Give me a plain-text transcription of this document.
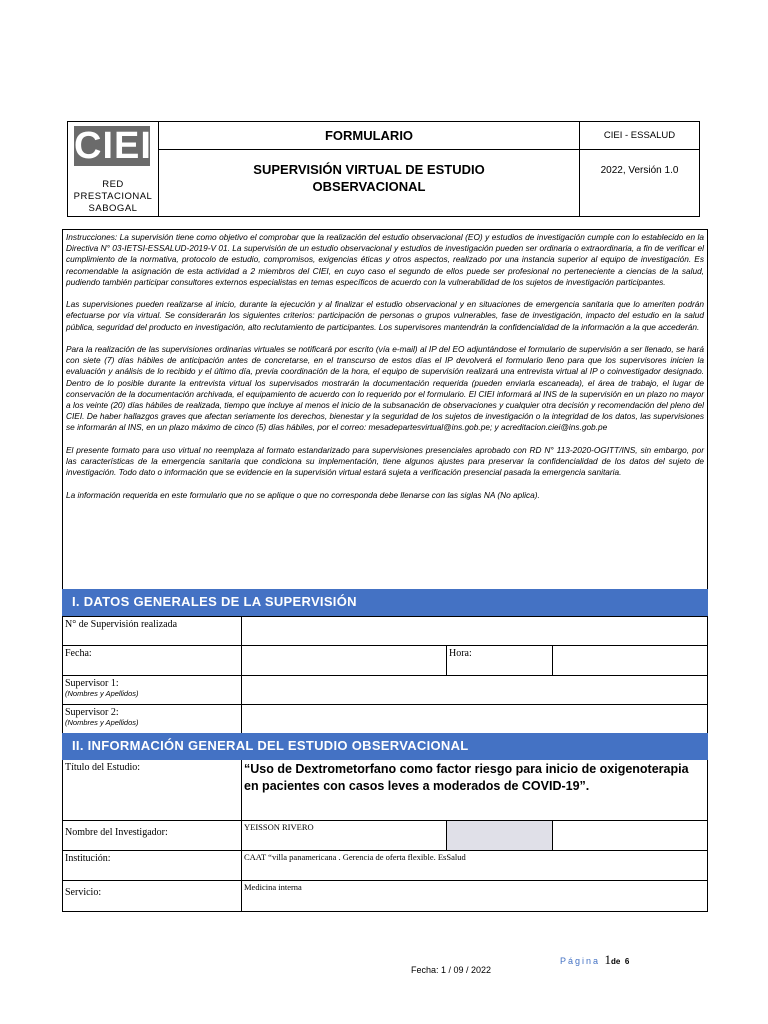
CIEI
RED
PRESTACIONAL
SABOGAL
FORMULARIO
SUPERVISIÓN VIRTUAL DE ESTUDIO
OBSERVACIONAL
CIEI - ESSALUD
2022, Versión 1.0

Instrucciones: La supervisión tiene como objetivo el comprobar que la realización del estudio observacional (EO) y estudios de investigación cumple con lo establecido en la Directiva N° 03-IETSI-ESSALUD-2019-V 01. La supervisión de un estudio observacional y estudios de investigación pueden ser ordinaria o extraordinaria, a fin de verificar el cumplimiento de la normativa, protocolo de estudio, compromisos, exigencias éticas y otros aspectos, realizado por una instancia superior al equipo de investigación. Es recomendable la asignación de esta actividad a 2 miembros del CIEI, en cuyo caso el segundo de ellos puede ser profesional no perteneciente a ciencias de la salud, pudiendo también participar consultores externos especialistas en temas específicos de acuerdo con la vulnerabilidad de los sujetos de investigación participantes.

Las supervisiones pueden realizarse al inicio, durante la ejecución y al finalizar el estudio observacional y en situaciones de emergencia sanitaria que lo ameriten podrán efectuarse por vía virtual. Se considerarán los siguientes criterios: participación de personas o grupos vulnerables, fase de investigación, impacto del estudio en la salud pública, seguridad del producto en investigación, alto reclutamiento de participantes. Los supervisores mantendrán la confidencialidad de la información a la que accederán.

Para la realización de las supervisiones ordinarias virtuales se notificará por escrito (vía e-mail) al IP del EO adjuntándose el formulario de supervisión a ser llenado, se hará con siete (7) días hábiles de anticipación antes de concretarse, en el transcurso de estos días el IP devolverá el formulario lleno para que los supervisores inicien la evaluación y análisis de lo recibido y el último día, previa coordinación de la hora, el equipo de supervisión realizará una entrevista virtual al IP o coinvestigador designado. Dentro de lo posible durante la entrevista virtual los supervisados mostrarán la documentación requerida (pueden enviarla escaneada), el área de trabajo, el lugar de conservación de la documentación archivada, el equipamiento de acuerdo con lo requerido por el formulario. El CIEI informará al INS de la supervisión en un plazo no mayor a los veinte (20) días hábiles de realizada, tiempo que incluye al menos el inicio de la subsanación de observaciones y cualquier otra decisión y recomendación del pleno del CIEI. De haber hallazgos graves que afectan seriamente los derechos, bienestar y la seguridad de los sujetos de investigación o la integridad de los datos, las supervisiones se informarán al INS, en un plazo máximo de cinco (5) días hábiles, por el correo: mesadepartesvirtual@ins.gob.pe; y acreditacion.ciei@ins.gob.pe

El presente formato para uso virtual no reemplaza al formato estandarizado para supervisiones presenciales aprobado con RD N° 113-2020-OGITT/INS, sin embargo, por las características de la emergencia sanitaria que condiciona su implementación, tiene algunos ajustes para preservar la confidencialidad de los datos del sujeto de investigación. Todo dato o información que se evidencie en la supervisión virtual estará sujeta a verificación presencial pasada la emergencia sanitaria.

La información requerida en este formulario que no se aplique o que no corresponda debe llenarse con las siglas NA (No aplica).

I. DATOS GENERALES DE LA SUPERVISIÓN
N° de Supervisión realizada
Fecha:	Hora:
Supervisor 1:
(Nombres y Apellidos)
Supervisor 2:
(Nombres y Apellidos)
II. INFORMACIÓN GENERAL DEL ESTUDIO OBSERVACIONAL
Título del Estudio:	“Uso de Dextrometorfano como factor riesgo para inicio de oxigenoterapia en pacientes con casos leves a moderados de COVID-19”.
Nombre del Investigador:	YEISSON RIVERO
Institución:	CAAT “villa panamericana . Gerencia de oferta flexible. EsSalud
Servicio:	Medicina interna
Página 1de 6
Fecha: 1 / 09 / 2022
